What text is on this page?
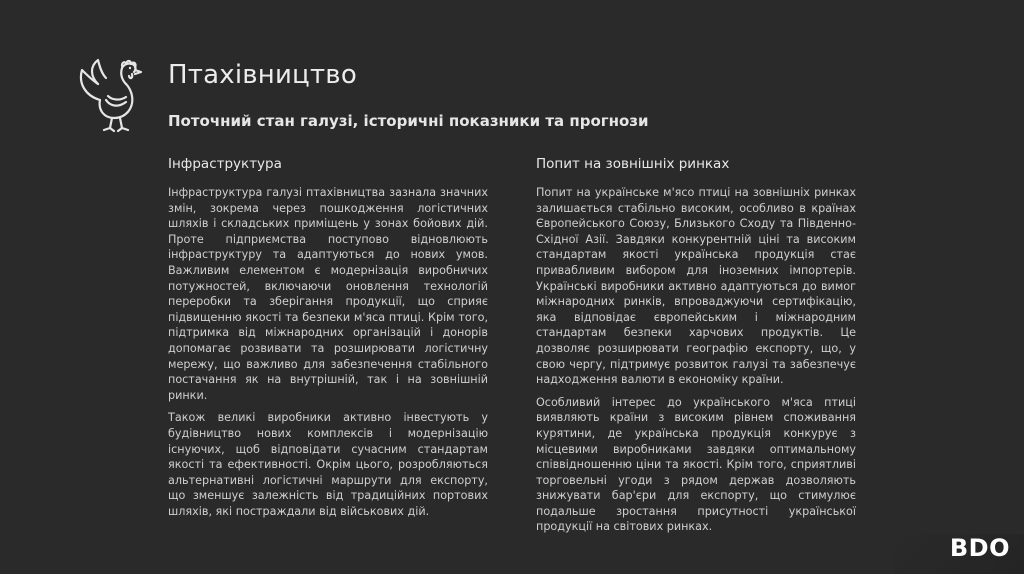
Птахівництво
Поточний стан галузі, історичні показники та прогнози
Інфраструктура

Інфраструктура галузі птахівництва зазнала значних змін, зокрема через пошкодження логістичних шляхів і складських приміщень у зонах бойових дій. Проте підприємства поступово відновлюють інфраструктуру та адаптуються до нових умов. Важливим елементом є модернізація виробничих потужностей, включаючи оновлення технологій переробки та зберігання продукції, що сприяє підвищенню якості та безпеки м'яса птиці. Крім того, підтримка від міжнародних організацій і донорів допомагає розвивати та розширювати логістичну мережу, що важливо для забезпечення стабільного постачання як на внутрішній, так і на зовнішній ринки.

Також великі виробники активно інвестують у будівництво нових комплексів і модернізацію існуючих, щоб відповідати сучасним стандартам якості та ефективності. Окрім цього, розробляються альтернативні логістичні маршрути для експорту, що зменшує залежність від традиційних портових шляхів, які постраждали від військових дій.

Попит на зовнішніх ринках

Попит на українське м'ясо птиці на зовнішніх ринках залишається стабільно високим, особливо в країнах Європейського Союзу, Близького Сходу та Південно-Східної Азії. Завдяки конкурентній ціні та високим стандартам якості українська продукція стає привабливим вибором для іноземних імпортерів. Українські виробники активно адаптуються до вимог міжнародних ринків, впроваджуючи сертифікацію, яка відповідає європейським і міжнародним стандартам безпеки харчових продуктів. Це дозволяє розширювати географію експорту, що, у свою чергу, підтримує розвиток галузі та забезпечує надходження валюти в економіку країни.

Особливий інтерес до українського м'яса птиці виявляють країни з високим рівнем споживання курятини, де українська продукція конкурує з місцевими виробниками завдяки оптимальному співвідношенню ціни та якості. Крім того, сприятливі торговельні угоди з рядом держав дозволяють знижувати бар'єри для експорту, що стимулює подальше зростання присутності української продукції на світових ринках.

BDO
